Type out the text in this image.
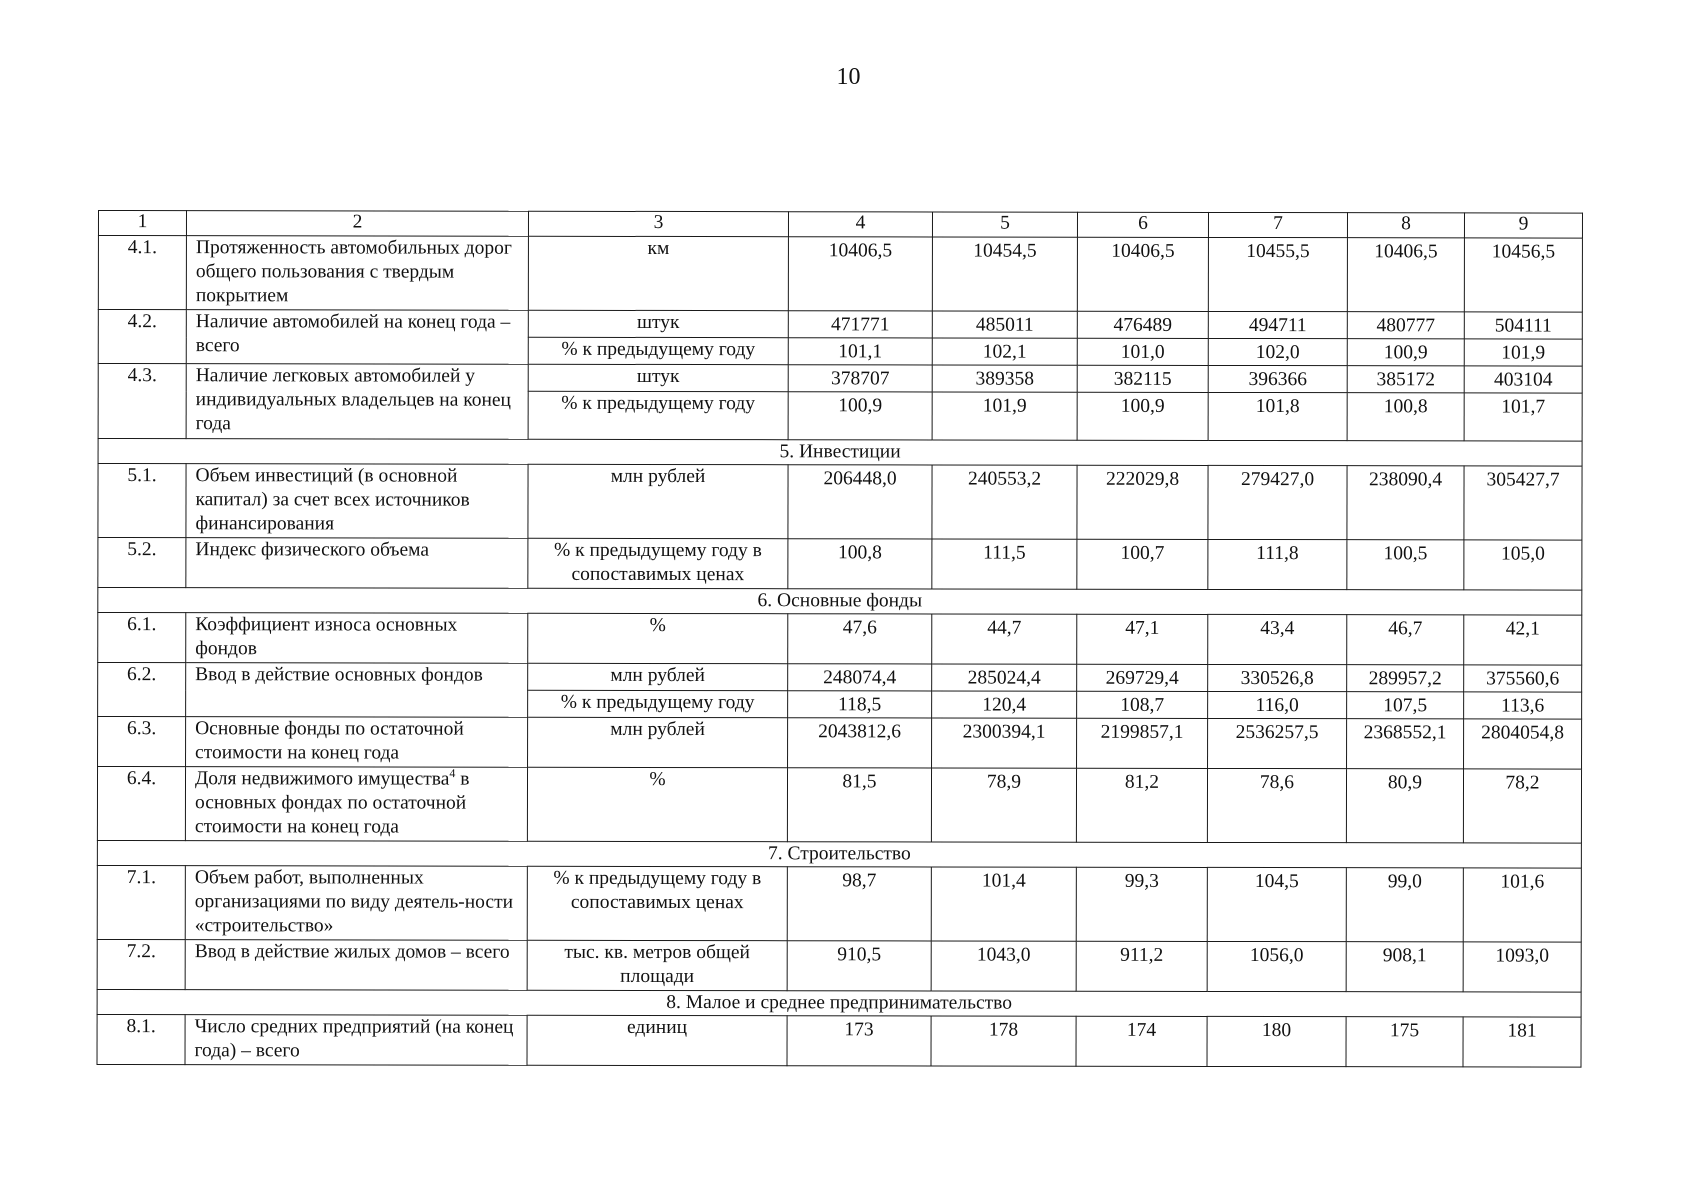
10
1	2	3	4	5	6	7	8	9
4.1.	Протяженность автомобильных дорог общего пользования с твердым покрытием	км	10406,5	10454,5	10406,5	10455,5	10406,5	10456,5
4.2.	Наличие автомобилей на конец года – всего	штук	471771	485011	476489	494711	480777	504111
		% к предыдущему году	101,1	102,1	101,0	102,0	100,9	101,9
4.3.	Наличие легковых автомобилей у индивидуальных владельцев на конец года	штук	378707	389358	382115	396366	385172	403104
		% к предыдущему году	100,9	101,9	100,9	101,8	100,8	101,7
5. Инвестиции								
5.1.	Объем инвестиций (в основной капитал) за счет всех источников финансирования	млн рублей	206448,0	240553,2	222029,8	279427,0	238090,4	305427,7
5.2.	Индекс физического объема	% к предыдущему году в сопоставимых ценах	100,8	111,5	100,7	111,8	100,5	105,0
6. Основные фонды								
6.1.	Коэффициент износа основных фондов	%	47,6	44,7	47,1	43,4	46,7	42,1
6.2.	Ввод в действие основных фондов	млн рублей	248074,4	285024,4	269729,4	330526,8	289957,2	375560,6
		% к предыдущему году	118,5	120,4	108,7	116,0	107,5	113,6
6.3.	Основные фонды по остаточной стоимости на конец года	млн рублей	2043812,6	2300394,1	2199857,1	2536257,5	2368552,1	2804054,8
6.4.	Доля недвижимого имущества$^4$ в основных фондах по остаточной стоимости на конец года	%	81,5	78,9	81,2	78,6	80,9	78,2
7. Строительство								
7.1.	Объем работ, выполненных организациями по виду деятель-ности «строительство»	% к предыдущему году в сопоставимых ценах	98,7	101,4	99,3	104,5	99,0	101,6
7.2.	Ввод в действие жилых домов – всего	тыс. кв. метров общей площади	910,5	1043,0	911,2	1056,0	908,1	1093,0
8. Малое и среднее предпринимательство								
8.1.	Число средних предприятий (на конец года) – всего	единиц	173	178	174	180	175	181
